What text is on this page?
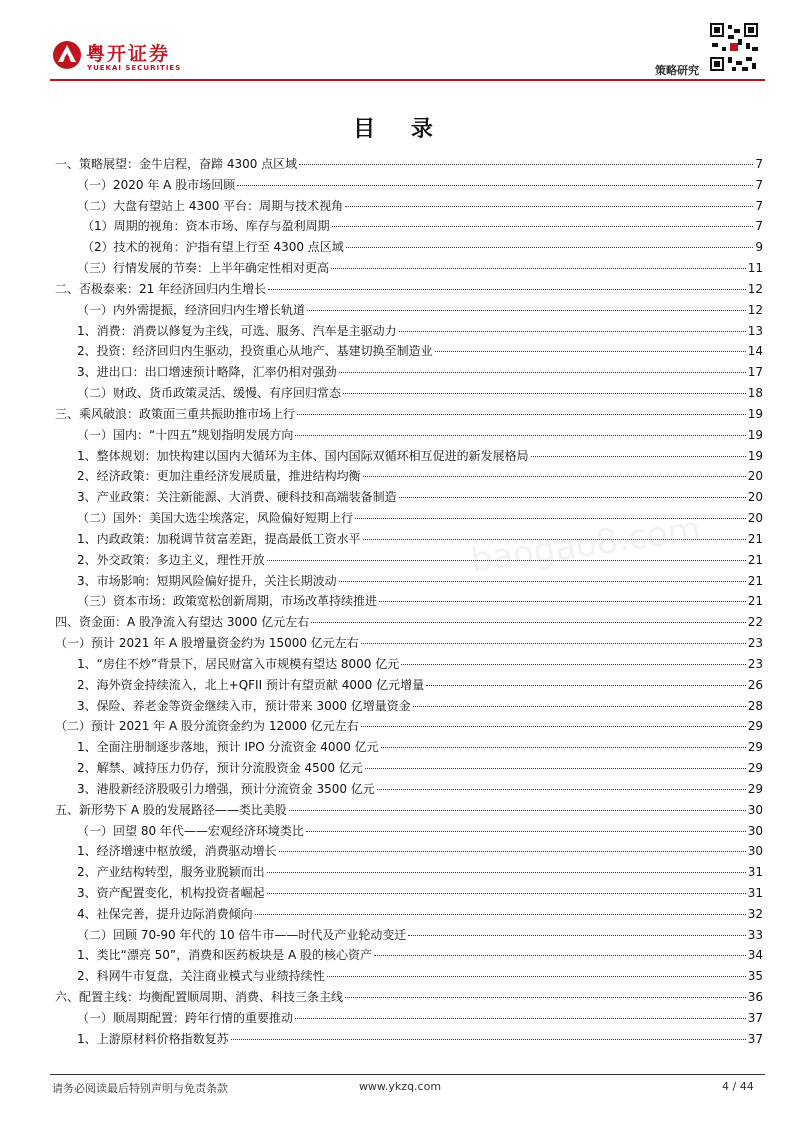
粤开证券
YUEKAI SECURITIES	策略研究
目 录
baogao8.com
一、策略展望：金牛启程，奋蹄 4300 点区域	7
（一）2020 年 A 股市场回顾	7
（二）大盘有望站上 4300 平台：周期与技术视角	7
（1）周期的视角：资本市场、库存与盈利周期	7
（2）技术的视角：沪指有望上行至 4300 点区域	9
（三）行情发展的节奏：上半年确定性相对更高	11
二、否极泰来：21 年经济回归内生增长	12
（一）内外需提振，经济回归内生增长轨道	12
1、消费：消费以修复为主线，可选、服务、汽车是主驱动力	13
2、投资：经济回归内生驱动，投资重心从地产、基建切换至制造业	14
3、进出口：出口增速预计略降，汇率仍相对强劲	17
（二）财政、货币政策灵活、缓慢、有序回归常态	18
三、乘风破浪：政策面三重共振助推市场上行	19
（一）国内：“十四五”规划指明发展方向	19
1、整体规划：加快构建以国内大循环为主体、国内国际双循环相互促进的新发展格局	19
2、经济政策：更加注重经济发展质量，推进结构均衡	20
3、产业政策：关注新能源、大消费、硬科技和高端装备制造	20
（二）国外：美国大选尘埃落定，风险偏好短期上行	20
1、内政政策：加税调节贫富差距，提高最低工资水平	21
2、外交政策：多边主义，理性开放	21
3、市场影响：短期风险偏好提升，关注长期波动	21
（三）资本市场：政策宽松创新周期，市场改革持续推进	21
四、资金面：A 股净流入有望达 3000 亿元左右	22
（一）预计 2021 年 A 股增量资金约为 15000 亿元左右	23
1、“房住不炒”背景下，居民财富入市规模有望达 8000 亿元	23
2、海外资金持续流入，北上+QFII 预计有望贡献 4000 亿元增量	26
3、保险、养老金等资金继续入市，预计带来 3000 亿增量资金	28
（二）预计 2021 年 A 股分流资金约为 12000 亿元左右	29
1、全面注册制逐步落地，预计 IPO 分流资金 4000 亿元	29
2、解禁、减持压力仍存，预计分流股资金 4500 亿元	29
3、港股新经济股吸引力增强，预计分流资金 3500 亿元	29
五、新形势下 A 股的发展路径——类比美股	30
（一）回望 80 年代——宏观经济环境类比	30
1、经济增速中枢放缓，消费驱动增长	30
2、产业结构转型，服务业脱颖而出	31
3、资产配置变化，机构投资者崛起	31
4、社保完善，提升边际消费倾向	32
（二）回顾 70-90 年代的 10 倍牛市——时代及产业轮动变迁	33
1、类比“漂亮 50”，消费和医药板块是 A 股的核心资产	34
2、科网牛市复盘，关注商业模式与业绩持续性	35
六、配置主线：均衡配置顺周期、消费、科技三条主线	36
（一）顺周期配置：跨年行情的重要推动	37
1、上游原材料价格指数复苏	37
请务必阅读最后特别声明与免责条款	www.ykzq.com	4 / 44
